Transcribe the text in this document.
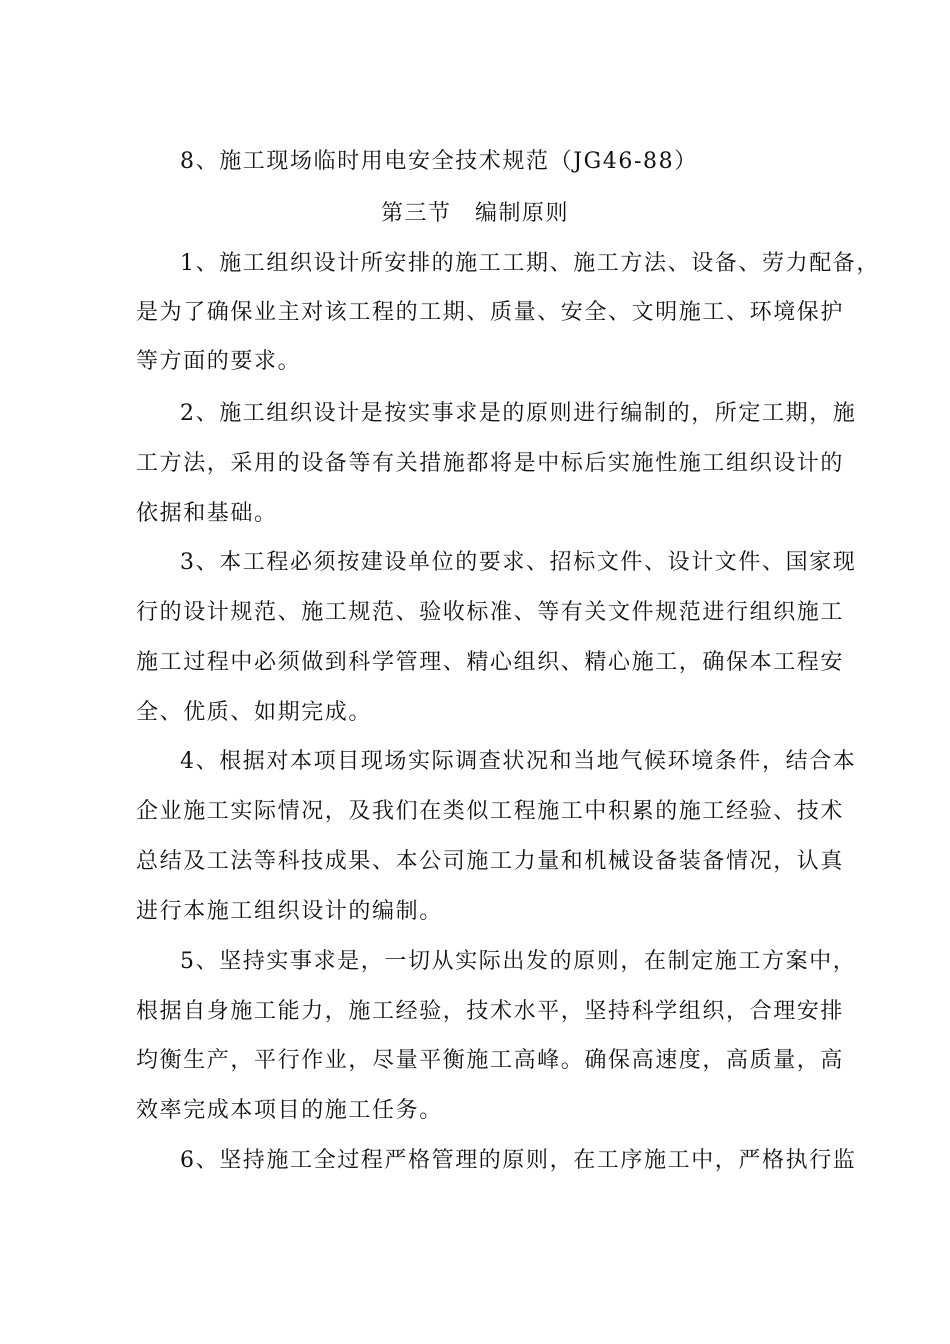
8、施工现场临时用电安全技术规范（JG46-88）
第三节　编制原则
1、施工组织设计所安排的施工工期、施工方法、设备、劳力配备，
是为了确保业主对该工程的工期、质量、安全、文明施工、环境保护
等方面的要求。
2、施工组织设计是按实事求是的原则进行编制的，所定工期，施
工方法，采用的设备等有关措施都将是中标后实施性施工组织设计的
依据和基础。
3、本工程必须按建设单位的要求、招标文件、设计文件、国家现
行的设计规范、施工规范、验收标准、等有关文件规范进行组织施工
施工过程中必须做到科学管理、精心组织、精心施工，确保本工程安
全、优质、如期完成。
4、根据对本项目现场实际调查状况和当地气候环境条件，结合本
企业施工实际情况，及我们在类似工程施工中积累的施工经验、技术
总结及工法等科技成果、本公司施工力量和机械设备装备情况，认真
进行本施工组织设计的编制。
5、坚持实事求是，一切从实际出发的原则，在制定施工方案中，
根据自身施工能力，施工经验，技术水平，坚持科学组织，合理安排
均衡生产，平行作业，尽量平衡施工高峰。确保高速度，高质量，高
效率完成本项目的施工任务。
6、坚持施工全过程严格管理的原则，在工序施工中，严格执行监
